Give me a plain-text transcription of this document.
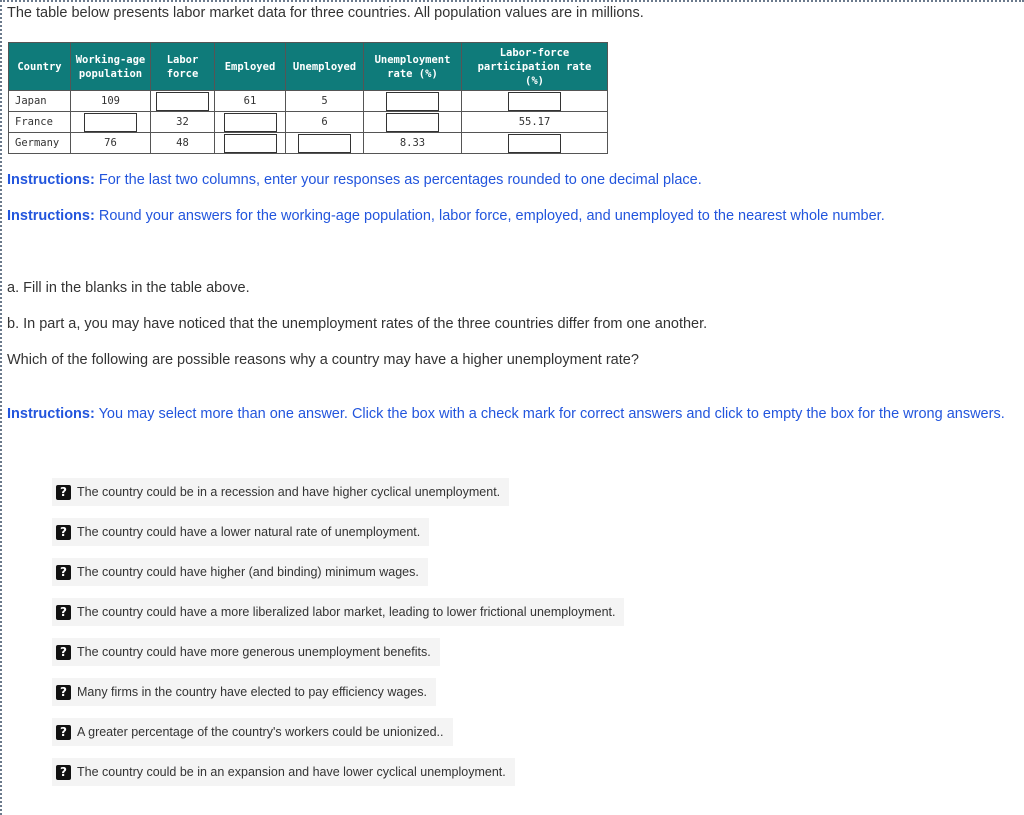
The table below presents labor market data for three countries. All population values are in millions.
Country	Working-age population	Labor force	Employed	Unemployed	Unemployment rate (%)	Labor-force participation rate (%)
Japan	109		61	5		
France		32		6		55.17
Germany	76	48			8.33	
Instructions: For the last two columns, enter your responses as percentages rounded to one decimal place.
Instructions: Round your answers for the working-age population, labor force, employed, and unemployed to the nearest whole number.
a. Fill in the blanks in the table above.
b. In part a, you may have noticed that the unemployment rates of the three countries differ from one another.
Which of the following are possible reasons why a country may have a higher unemployment rate?
Instructions: You may select more than one answer. Click the box with a check mark for correct answers and click to empty the box for the wrong answers.
? The country could be in a recession and have higher cyclical unemployment.
? The country could have a lower natural rate of unemployment.
? The country could have higher (and binding) minimum wages.
? The country could have a more liberalized labor market, leading to lower frictional unemployment.
? The country could have more generous unemployment benefits.
? Many firms in the country have elected to pay efficiency wages.
? A greater percentage of the country's workers could be unionized..
? The country could be in an expansion and have lower cyclical unemployment.
